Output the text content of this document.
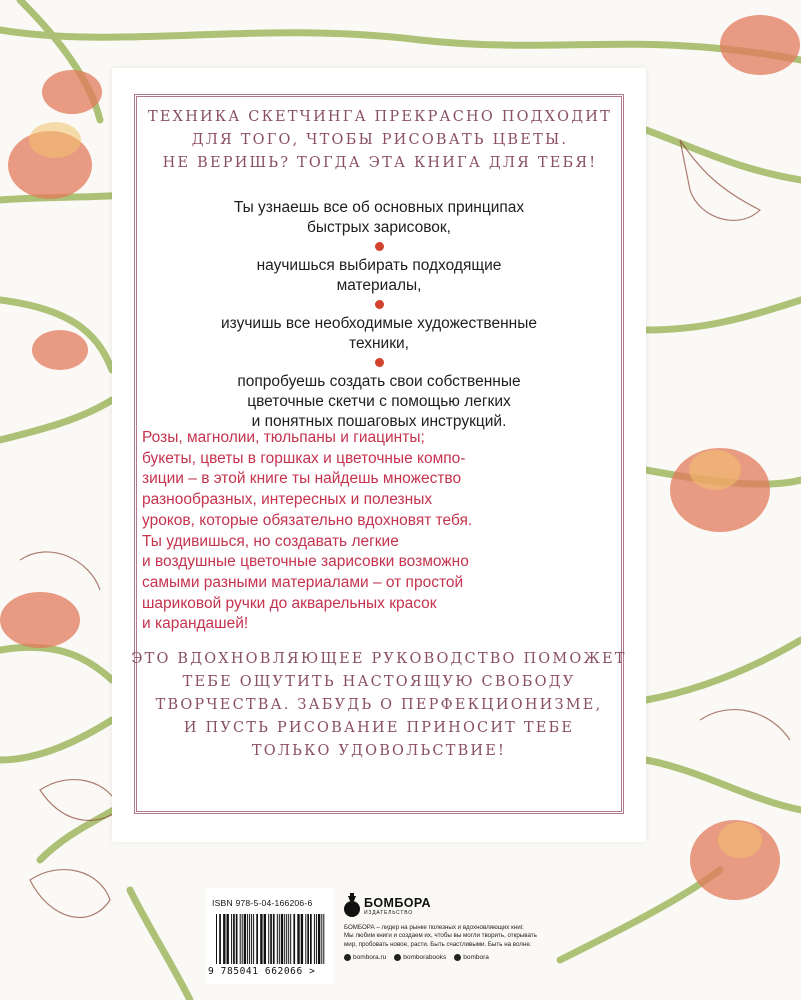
ТЕХНИКА СКЕТЧИНГА ПРЕКРАСНО ПОДХОДИТ
ДЛЯ ТОГО, ЧТОБЫ РИСОВАТЬ ЦВЕТЫ.
НЕ ВЕРИШЬ? ТОГДА ЭТА КНИГА ДЛЯ ТЕБЯ!

Ты узнаешь все об основных принципах
быстрых зарисовок,

научишься выбирать подходящие
материалы,

изучишь все необходимые художественные
техники,

попробуешь создать свои собственные
цветочные скетчи с помощью легких
и понятных пошаговых инструкций.

Розы, магнолии, тюльпаны и гиацинты;
букеты, цветы в горшках и цветочные компо-
зиции – в этой книге ты найдешь множество
разнообразных, интересных и полезных
уроков, которые обязательно вдохновят тебя.
Ты удивишься, но создавать легкие
и воздушные цветочные зарисовки возможно
самыми разными материалами – от простой
шариковой ручки до акварельных красок
и карандашей!

ЭТО ВДОХНОВЛЯЮЩЕЕ РУКОВОДСТВО ПОМОЖЕТ
ТЕБЕ ОЩУТИТЬ НАСТОЯЩУЮ СВОБОДУ
ТВОРЧЕСТВА. ЗАБУДЬ О ПЕРФЕКЦИОНИЗМЕ,
И ПУСТЬ РИСОВАНИЕ ПРИНОСИТ ТЕБЕ
ТОЛЬКО УДОВОЛЬСТВИЕ!

ISBN 978-5-04-166206-6
9 785041 662066 >
БОМБОРА
ИЗДАТЕЛЬСТВО

БОМБОРА – лидер на рынке полезных и вдохновляющих книг.
Мы любим книги и создаем их, чтобы вы могли творить, открывать
мир, пробовать новое, расти. Быть счастливыми. Быть на волне.

bombora.ru	bomborabooks	bombora
